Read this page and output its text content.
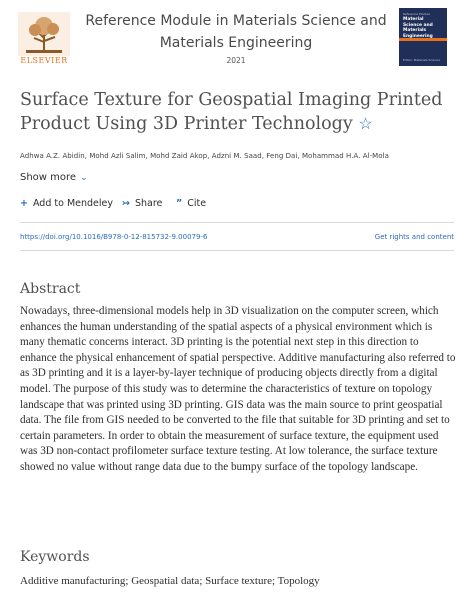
ELSEVIER
Reference Module in Materials Science and Materials Engineering
2021
Reference Module
Material Science and Materials Engineering
Editor: Materials Science
Surface Texture for Geospatial Imaging Printed Product Using 3D Printer Technology ☆
Adhwa A.Z. Abidin, Mohd Azli Salim, Mohd Zaid Akop, Adzni M. Saad, Feng Dai, Mohammad H.A. Al-Mola
Show more ⌄
+ Add to Mendeley ↣ Share ” Cite
https://doi.org/10.1016/B978-0-12-815732-9.00079-6	Get rights and content
Abstract
Nowadays, three-dimensional models help in 3D visualization on the computer screen, which enhances the human understanding of the spatial aspects of a physical environment which is many thematic concerns interact. 3D printing is the potential next step in this direction to enhance the physical enhancement of spatial perspective. Additive manufacturing also referred to as 3D printing and it is a layer-by-layer technique of producing objects directly from a digital model. The purpose of this study was to determine the characteristics of texture on topology landscape that was printed using 3D printing. GIS data was the main source to print geospatial data. The file from GIS needed to be converted to the file that suitable for 3D printing and set to certain parameters. In order to obtain the measurement of surface texture, the equipment used was 3D non-contact profilometer surface texture testing. At low tolerance, the surface texture showed no value without range data due to the bumpy surface of the topology landscape.
Keywords
Additive manufacturing; Geospatial data; Surface texture; Topology
